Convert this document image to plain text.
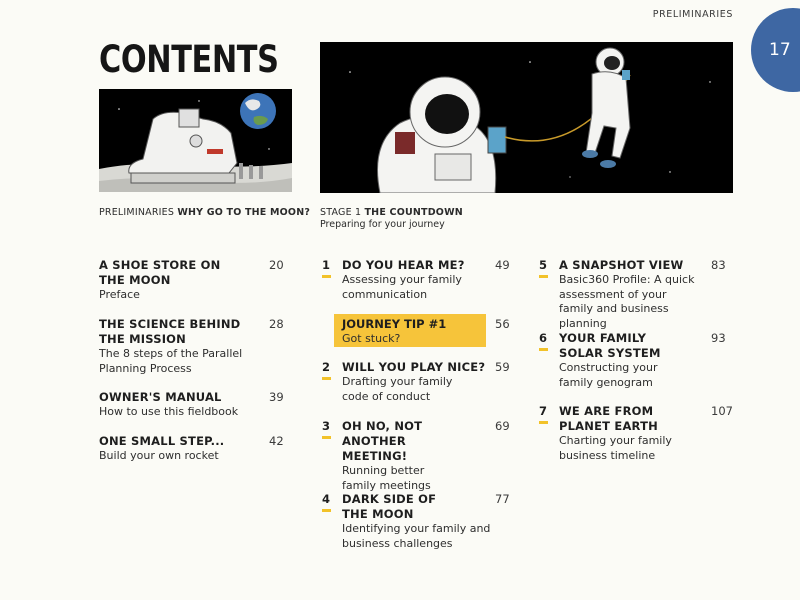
PRELIMINARIES
17
CONTENTS
PRELIMINARIES WHY GO TO THE MOON? STAGE 1 THE COUNTDOWN
Preparing for your journey
A SHOE STORE ON THE MOON
Preface
20
THE SCIENCE BEHIND THE MISSION
The 8 steps of the Parallel Planning Process
28
OWNER'S MANUAL
How to use this fieldbook
39
ONE SMALL STEP...
Build your own rocket
42
1	DO YOU HEAR ME?
Assessing your family communication
49
JOURNEY TIP #1
Got stuck?
56
2	WILL YOU PLAY NICE?
Drafting your family code of conduct
59
3	OH NO, NOT ANOTHER MEETING!
Running better family meetings
69
4	DARK SIDE OF THE MOON
Identifying your family and business challenges
77
5	A SNAPSHOT VIEW
Basic360 Profile: A quick assessment of your family and business planning
83
6	YOUR FAMILY SOLAR SYSTEM
Constructing your family genogram
93
7	WE ARE FROM PLANET EARTH
Charting your family business timeline
107
